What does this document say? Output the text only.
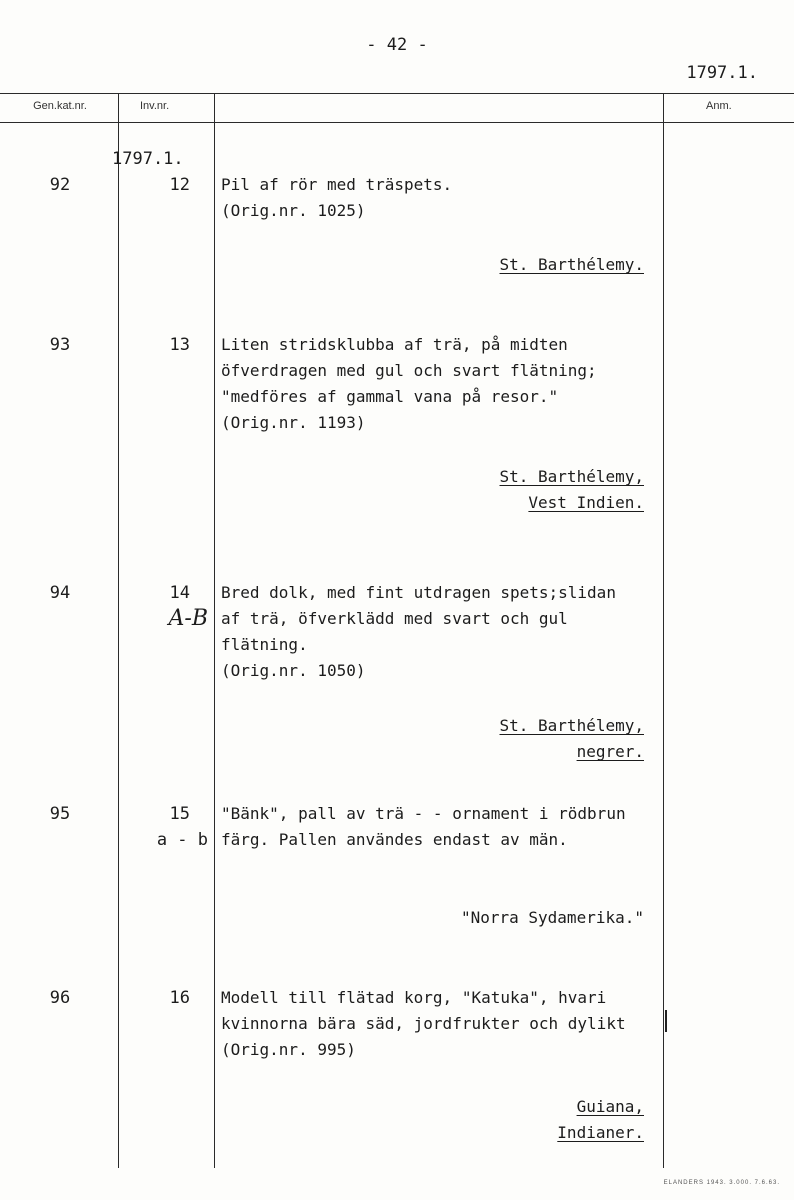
- 42 -
1797.1.
Gen.kat.nr.	Inv.nr.	Anm.
1797.1.
92	12 Pil af rör med träspets.
(Orig.nr. 1025)
St. Barthélemy.
93	13 Liten stridsklubba af trä, på midten
öfverdragen med gul och svart flätning;
"medföres af gammal vana på resor."
(Orig.nr. 1193)
St. Barthélemy,
Vest Indien.
94	14
A-B
Bred dolk, med fint utdragen spets;slidan
af trä, öfverklädd med svart och gul
flätning.
(Orig.nr. 1050)
St. Barthélemy,
negrer.
95	15
a - b
"Bänk", pall av trä - - ornament i rödbrun
färg. Pallen användes endast av män.
"Norra Sydamerika."
96	16 Modell till flätad korg, "Katuka", hvari
kvinnorna bära säd, jordfrukter och dylikt
(Orig.nr. 995)
Guiana,
Indianer.
ELANDERS 1943. 3.000. 7.6.63.
